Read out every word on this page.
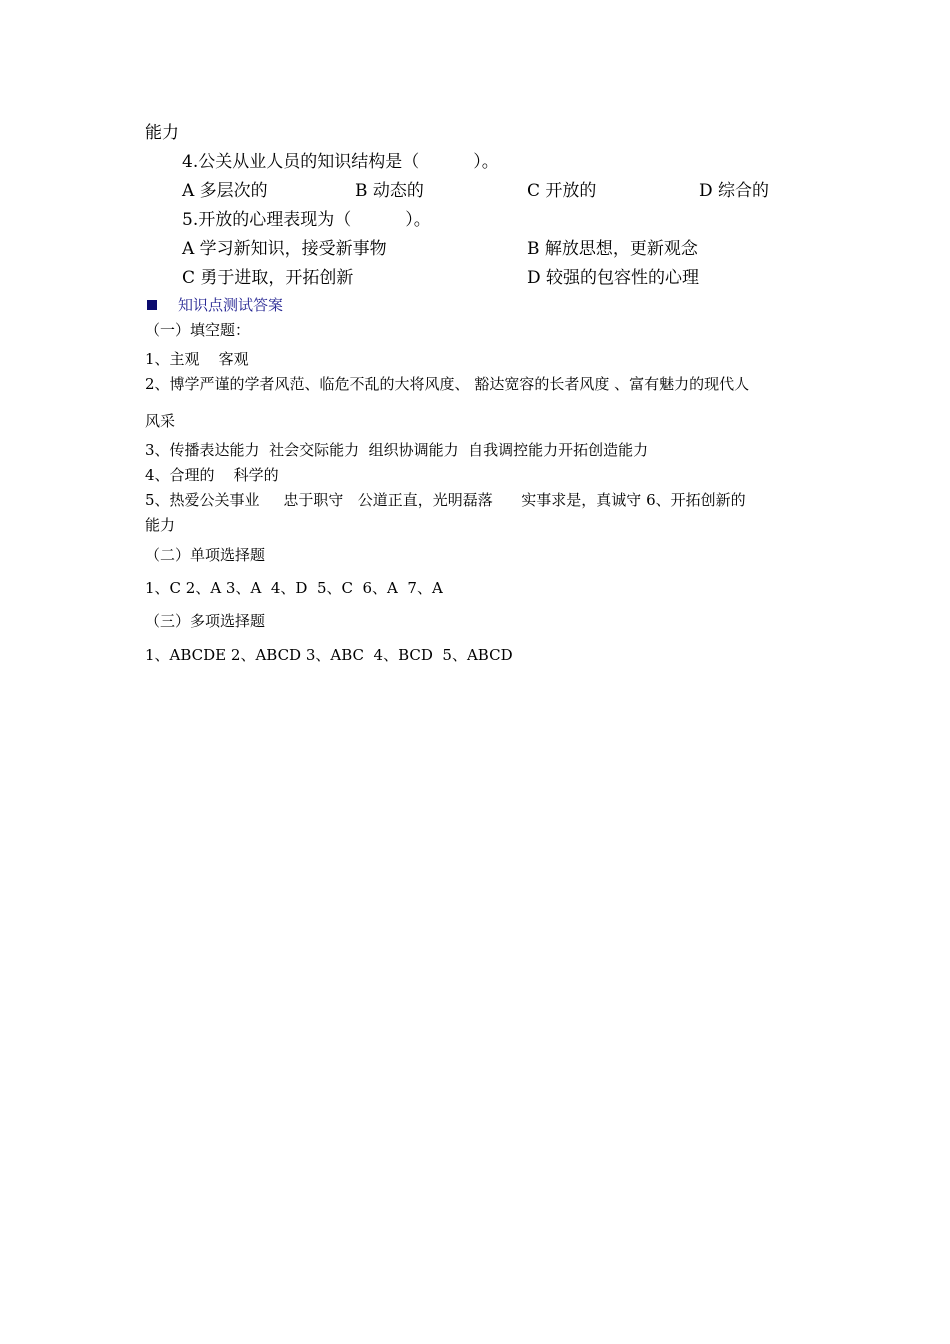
能力
4.公关从业人员的知识结构是（          ）。
A 多层次的	B 动态的	C 开放的	D 综合的
5.开放的心理表现为（          ）。
A 学习新知识，接受新事物	B 解放思想，更新观念
C 勇于进取，开拓创新	D 较强的包容性的心理
知识点测试答案
（一）填空题：
1、主观    客观
2、博学严谨的学者风范、临危不乱的大将风度、 豁达宽容的长者风度 、富有魅力的现代人
风采
3、传播表达能力  社会交际能力  组织协调能力  自我调控能力开拓创造能力
4、合理的    科学的
5、热爱公关事业     忠于职守   公道正直，光明磊落      实事求是，真诚守 6、开拓创新的
能力
（二）单项选择题
1、C 2、A 3、A  4、D  5、C  6、A  7、A
（三）多项选择题
1、ABCDE 2、ABCD 3、ABC  4、BCD  5、ABCD
